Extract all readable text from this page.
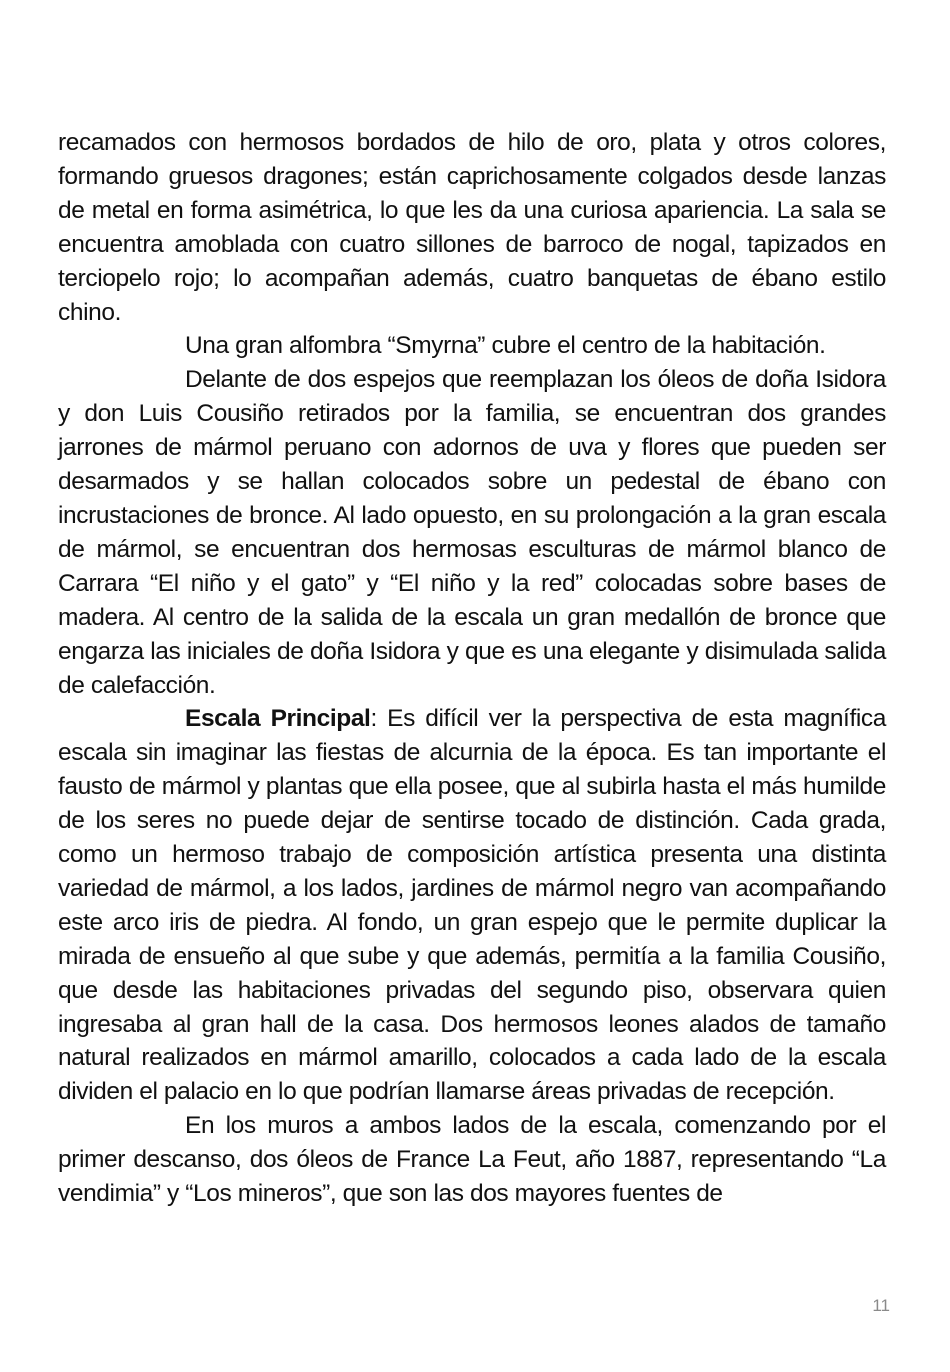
recamados con hermosos bordados de hilo de oro, plata y otros colores, formando gruesos dragones; están caprichosamente colgados desde lanzas de metal en forma asimétrica, lo que les da una curiosa apariencia. La sala se encuentra amoblada con cuatro sillones de barroco de nogal, tapizados en terciopelo rojo; lo acompañan además, cuatro banquetas de ébano estilo chino.

Una gran alfombra “Smyrna” cubre el centro de la habitación.

Delante de dos espejos que reemplazan los óleos de doña Isidora y don Luis Cousiño retirados por la familia, se encuentran dos grandes jarrones de mármol peruano con adornos de uva y flores que pueden ser desarmados y se hallan colocados sobre un pedestal de ébano con incrustaciones de bronce. Al lado opuesto, en su prolongación a la gran escala de mármol, se encuentran dos hermosas esculturas de mármol blanco de Carrara “El niño y el gato” y “El niño y la red” colocadas sobre bases de madera. Al centro de la salida de la escala un gran medallón de bronce que engarza las iniciales de doña Isidora y que es una elegante y disimulada salida de calefacción.

Escala Principal: Es difícil ver la perspectiva de esta magnífica escala sin imaginar las fiestas de alcurnia de la época. Es tan importante el fausto de mármol y plantas que ella posee, que al subirla hasta el más humilde de los seres no puede dejar de sentirse tocado de distinción. Cada grada, como un hermoso trabajo de composición artística presenta una distinta variedad de mármol, a los lados, jardines de mármol negro van acompañando este arco iris de piedra. Al fondo, un gran espejo que le permite duplicar la mirada de ensueño al que sube y que además, permitía a la familia Cousiño, que desde las habitaciones privadas del segundo piso, observara quien ingresaba al gran hall de la casa. Dos hermosos leones alados de tamaño natural realizados en mármol amarillo, colocados a cada lado de la escala dividen el palacio en lo que podrían llamarse áreas privadas de recepción.

En los muros a ambos lados de la escala, comenzando por el primer descanso, dos óleos de France La Feut, año 1887, representando “La vendimia” y “Los mineros”, que son las dos mayores fuentes de

11
